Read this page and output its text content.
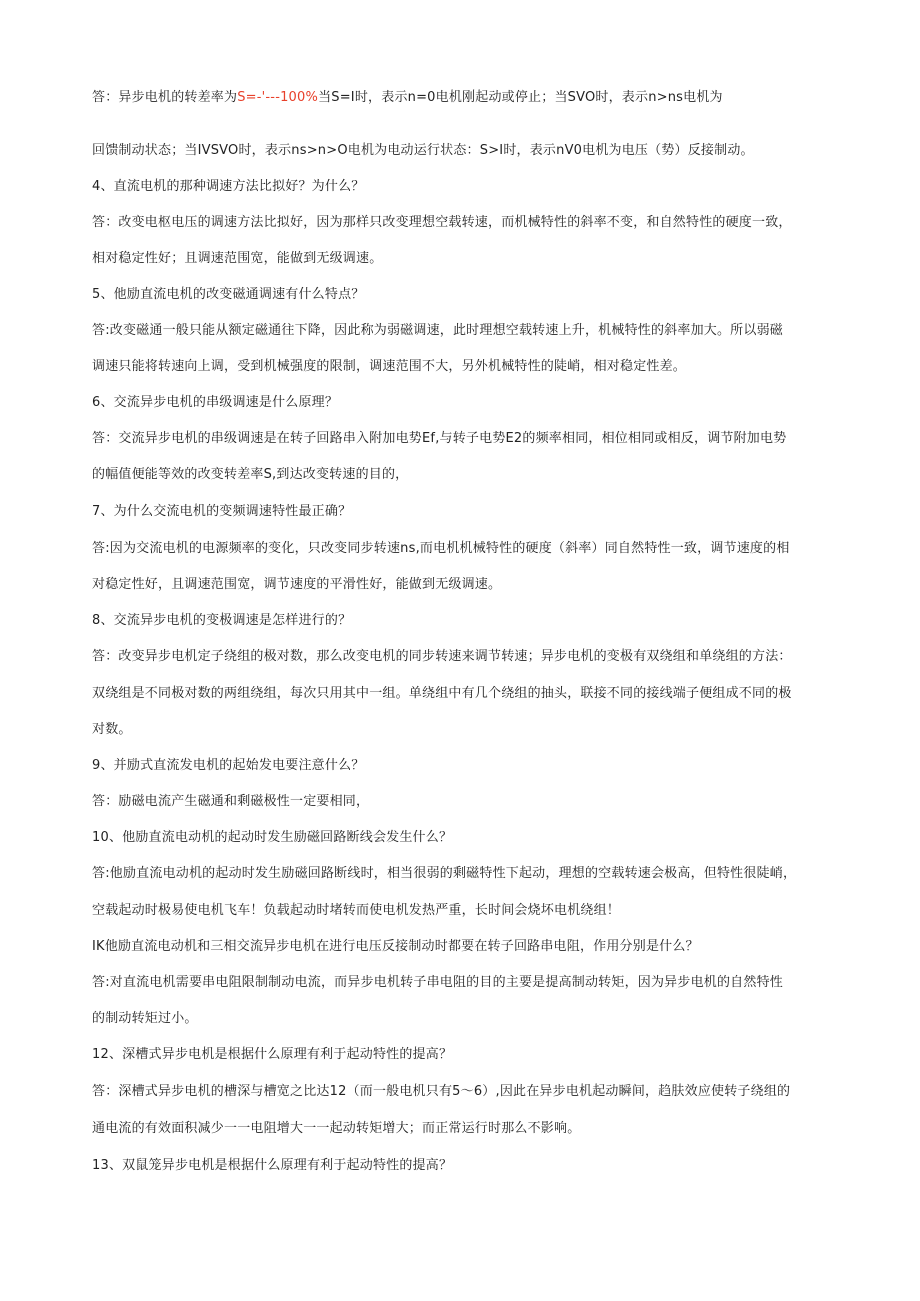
答：异步电机的转差率为S=-'---100%当S=I时，表示n=0电机刚起动或停止；当SVO时，表示n>ns电机为
回馈制动状态；当IVSVO时，表示ns>n>O电机为电动运行状态：S>I时，表示nV0电机为电压（势）反接制动。
4、直流电机的那种调速方法比拟好？为什么？
答：改变电枢电压的调速方法比拟好，因为那样只改变理想空载转速，而机械特性的斜率不变，和自然特性的硬度一致，
相对稳定性好；且调速范围宽，能做到无级调速。
5、他励直流电机的改变磁通调速有什么特点？
答:改变磁通一般只能从额定磁通往下降，因此称为弱磁调速，此时理想空载转速上升，机械特性的斜率加大。所以弱磁
调速只能将转速向上调，受到机械强度的限制，调速范围不大，另外机械特性的陡峭，相对稳定性差。
6、交流异步电机的串级调速是什么原理？
答：交流异步电机的串级调速是在转子回路串入附加电势Ef,与转子电势E2的频率相同，相位相同或相反，调节附加电势
的幅值便能等效的改变转差率S,到达改变转速的目的，
7、为什么交流电机的变频调速特性最正确？
答:因为交流电机的电源频率的变化，只改变同步转速ns,而电机机械特性的硬度（斜率）同自然特性一致，调节速度的相
对稳定性好，且调速范围宽，调节速度的平滑性好，能做到无级调速。
8、交流异步电机的变极调速是怎样进行的？
答：改变异步电机定子绕组的极对数，那么改变电机的同步转速来调节转速；异步电机的变极有双绕组和单绕组的方法：
双绕组是不同极对数的两组绕组，每次只用其中一组。单绕组中有几个绕组的抽头，联接不同的接线端子便组成不同的极
对数。
9、并励式直流发电机的起始发电要注意什么？
答：励磁电流产生磁通和剩磁极性一定要相同，
10、他励直流电动机的起动时发生励磁回路断线会发生什么？
答:他励直流电动机的起动时发生励磁回路断线时，相当很弱的剩磁特性下起动，理想的空载转速会极高，但特性很陡峭，
空载起动时极易使电机飞车！负载起动时堵转而使电机发热严重，长时间会烧坏电机绕组！
IK他励直流电动机和三相交流异步电机在进行电压反接制动时都要在转子回路串电阻，作用分别是什么？
答:对直流电机需要串电阻限制制动电流，而异步电机转子串电阻的目的主要是提高制动转矩，因为异步电机的自然特性
的制动转矩过小。
12、深槽式异步电机是根据什么原理有利于起动特性的提高？
答：深槽式异步电机的槽深与槽宽之比达12（而一般电机只有5〜6）,因此在异步电机起动瞬间，趋肤效应使转子绕组的
通电流的有效面积减少一一电阻增大一一起动转矩增大；而正常运行时那么不影响。
13、双鼠笼异步电机是根据什么原理有利于起动特性的提高？
